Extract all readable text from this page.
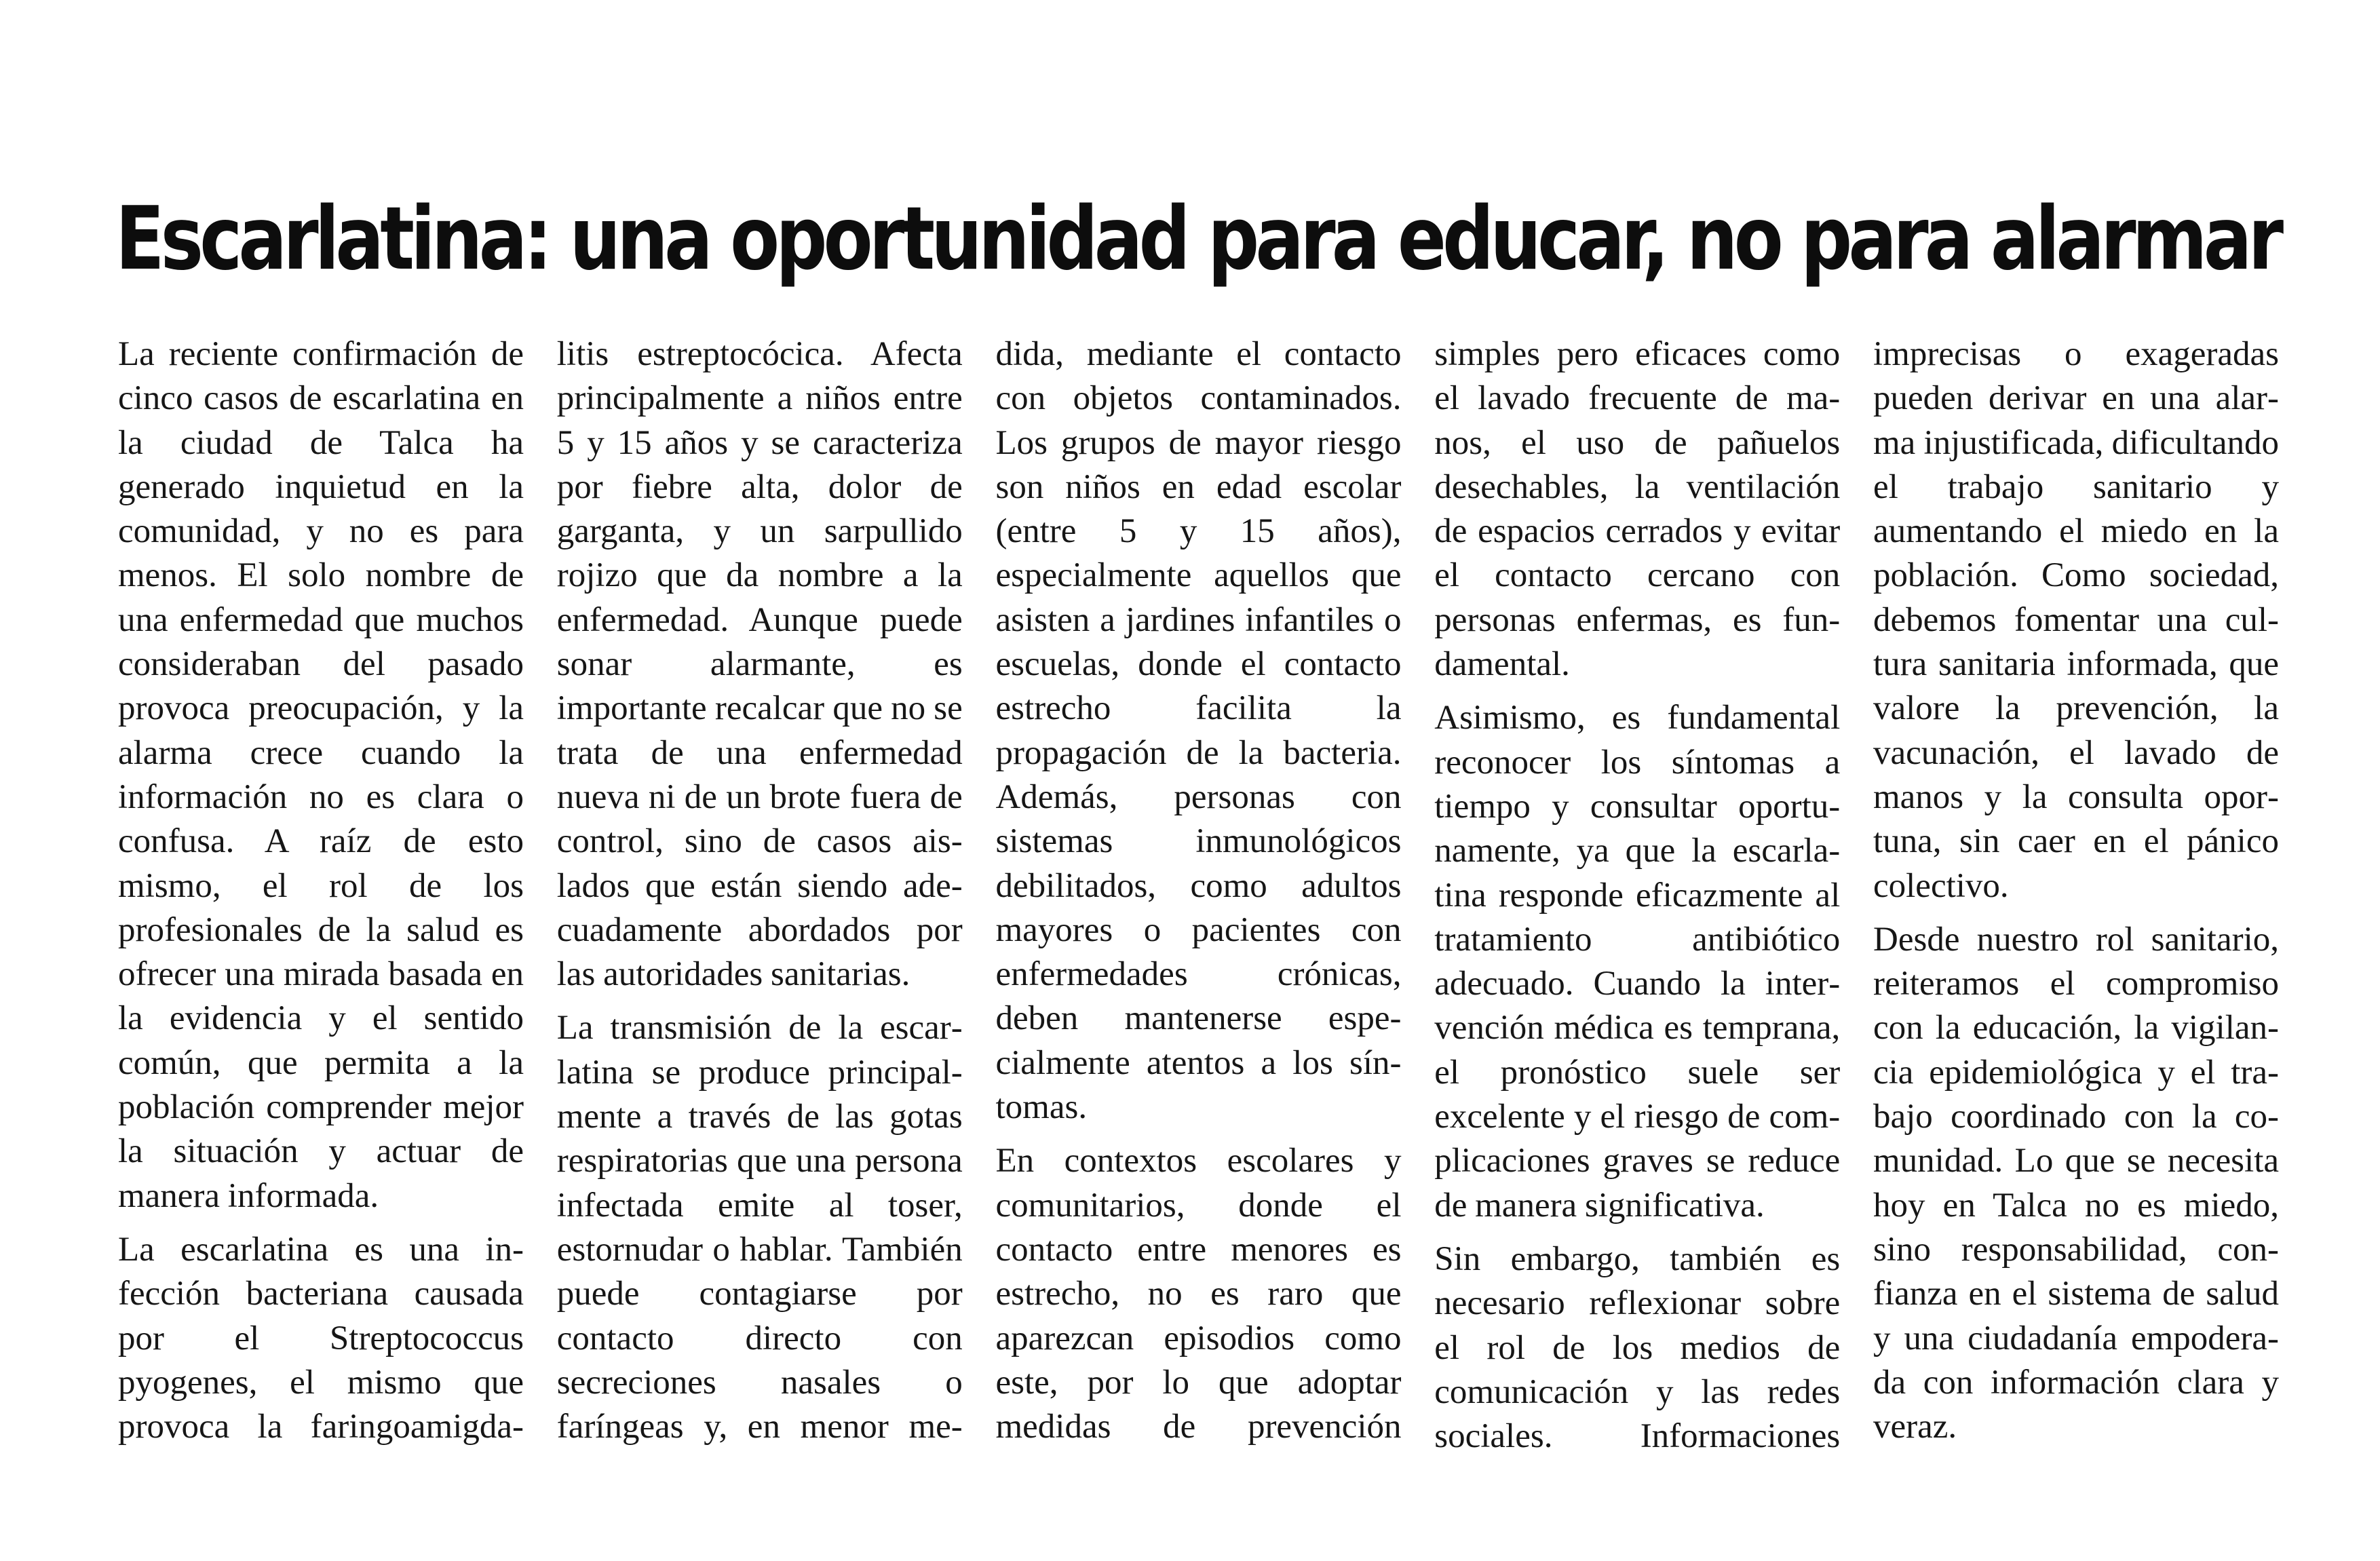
Escarlatina: una oportunidad para educar, no para alarmar

La reciente confirmación de cinco casos de escarlatina en la ciudad de Talca ha generado inquietud en la comunidad, y no es para menos. El solo nombre de una enfermedad que muchos consideraban del pasado provoca preocupación, y la alarma crece cuando la información no es clara o confusa. A raíz de esto mismo, el rol de los profesionales de la salud es ofrecer una mirada basada en la evidencia y el sentido común, que permita a la población comprender mejor la situación y actuar de manera informada.

La escarlatina es una infección bacteriana causada por el Streptococcus pyogenes, el mismo que provoca la faringoamigda-

litis estreptocócica. Afecta principalmente a niños entre 5 y 15 años y se caracteriza por fiebre alta, dolor de garganta, y un sarpullido rojizo que da nombre a la enfermedad. Aunque puede sonar alarmante, es importante recalcar que no se trata de una enfermedad nueva ni de un brote fuera de control, sino de casos aislados que están siendo adecuadamente abordados por las autoridades sanitarias.

La transmisión de la escarlatina se produce principalmente a través de las gotas respiratorias que una persona infectada emite al toser, estornudar o hablar. También puede contagiarse por contacto directo con secreciones nasales o faríngeas y, en menor me-

dida, mediante el contacto con objetos contaminados. Los grupos de mayor riesgo son niños en edad escolar (entre 5 y 15 años), especialmente aquellos que asisten a jardines infantiles o escuelas, donde el contacto estrecho facilita la propagación de la bacteria. Además, personas con sistemas inmunológicos debilitados, como adultos mayores o pacientes con enfermedades crónicas, deben mantenerse especialmente atentos a los síntomas.

En contextos escolares y comunitarios, donde el contacto entre menores es estrecho, no es raro que aparezcan episodios como este, por lo que adoptar medidas de prevención

simples pero eficaces como el lavado frecuente de manos, el uso de pañuelos desechables, la ventilación de espacios cerrados y evitar el contacto cercano con personas enfermas, es fundamental.

Asimismo, es fundamental reconocer los síntomas a tiempo y consultar oportunamente, ya que la escarlatina responde eficazmente al tratamiento antibiótico adecuado. Cuando la intervención médica es temprana, el pronóstico suele ser excelente y el riesgo de complicaciones graves se reduce de manera significativa.

Sin embargo, también es necesario reflexionar sobre el rol de los medios de comunicación y las redes sociales. Informaciones

imprecisas o exageradas pueden derivar en una alarma injustificada, dificultando el trabajo sanitario y aumentando el miedo en la población. Como sociedad, debemos fomentar una cultura sanitaria informada, que valore la prevención, la vacunación, el lavado de manos y la consulta oportuna, sin caer en el pánico colectivo.

Desde nuestro rol sanitario, reiteramos el compromiso con la educación, la vigilancia epidemiológica y el trabajo coordinado con la comunidad. Lo que se necesita hoy en Talca no es miedo, sino responsabilidad, confianza en el sistema de salud y una ciudadanía empoderada con información clara y veraz.
